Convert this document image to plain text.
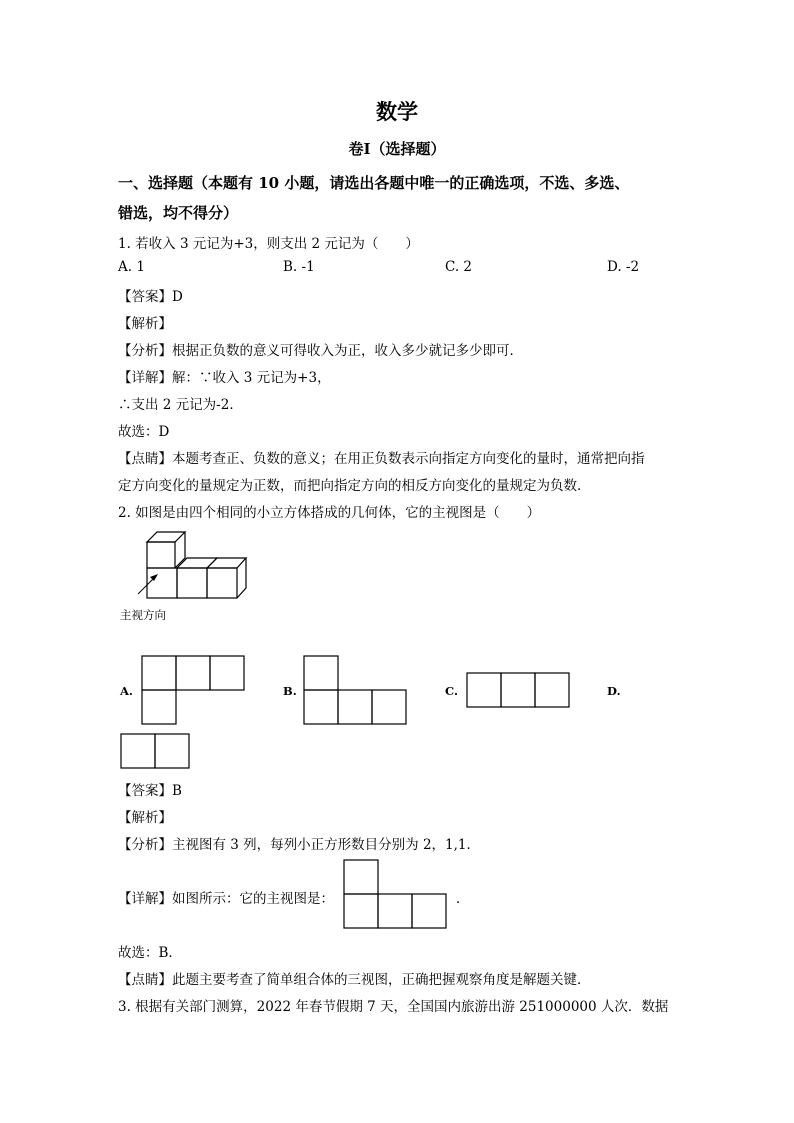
数学
卷Ⅰ（选择题）
一、选择题（本题有 10 小题，请选出各题中唯一的正确选项，不选、多选、
错选，均不得分）
1. 若收入 3 元记为+3，则支出 2 元记为（　　）
A. 1	B. -1	C. 2	D. -2
【答案】D
【解析】
【分析】根据正负数的意义可得收入为正，收入多少就记多少即可．
【详解】解：∵收入 3 元记为+3，
∴支出 2 元记为-2．
故选：D
【点睛】本题考查正、负数的意义；在用正负数表示向指定方向变化的量时，通常把向指
定方向变化的量规定为正数，而把向指定方向的相反方向变化的量规定为负数．
2. 如图是由四个相同的小立方体搭成的几何体，它的主视图是（　　）
主视方向
A.	B.	C.	D.
【答案】B
【解析】
【分析】主视图有 3 列，每列小正方形数目分别为 2，1,1．
【详解】如图所示：它的主视图是：	．
故选：B．
【点睛】此题主要考查了简单组合体的三视图，正确把握观察角度是解题关键．
3. 根据有关部门测算，2022 年春节假期 7 天，全国国内旅游出游 251000000 人次．数据
